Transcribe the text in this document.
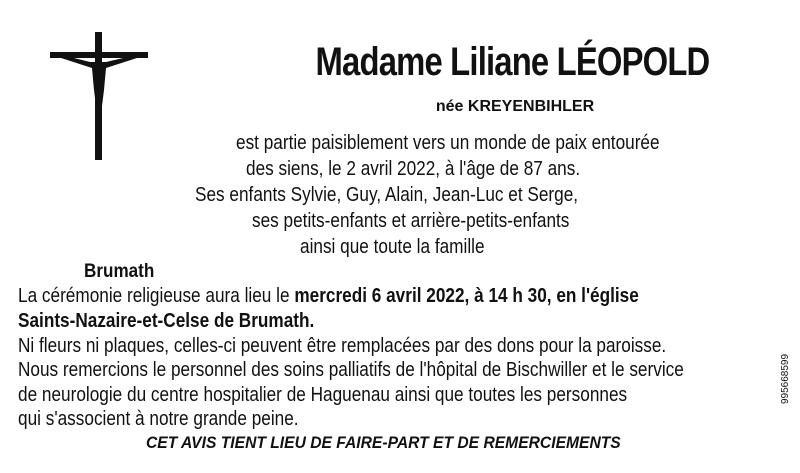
Madame Liliane LÉOPOLD
née KREYENBIHLER
est partie paisiblement vers un monde de paix entourée
des siens, le 2 avril 2022, à l'âge de 87 ans.
Ses enfants Sylvie, Guy, Alain, Jean-Luc et Serge,
ses petits-enfants et arrière-petits-enfants
ainsi que toute la famille
Brumath
La cérémonie religieuse aura lieu le mercredi 6 avril 2022, à 14 h 30, en l'église
Saints-Nazaire-et-Celse de Brumath.
Ni fleurs ni plaques, celles-ci peuvent être remplacées par des dons pour la paroisse.
Nous remercions le personnel des soins palliatifs de l'hôpital de Bischwiller et le service
de neurologie du centre hospitalier de Haguenau ainsi que toutes les personnes
qui s'associent à notre grande peine.
CET AVIS TIENT LIEU DE FAIRE-PART ET DE REMERCIEMENTS
995668599
